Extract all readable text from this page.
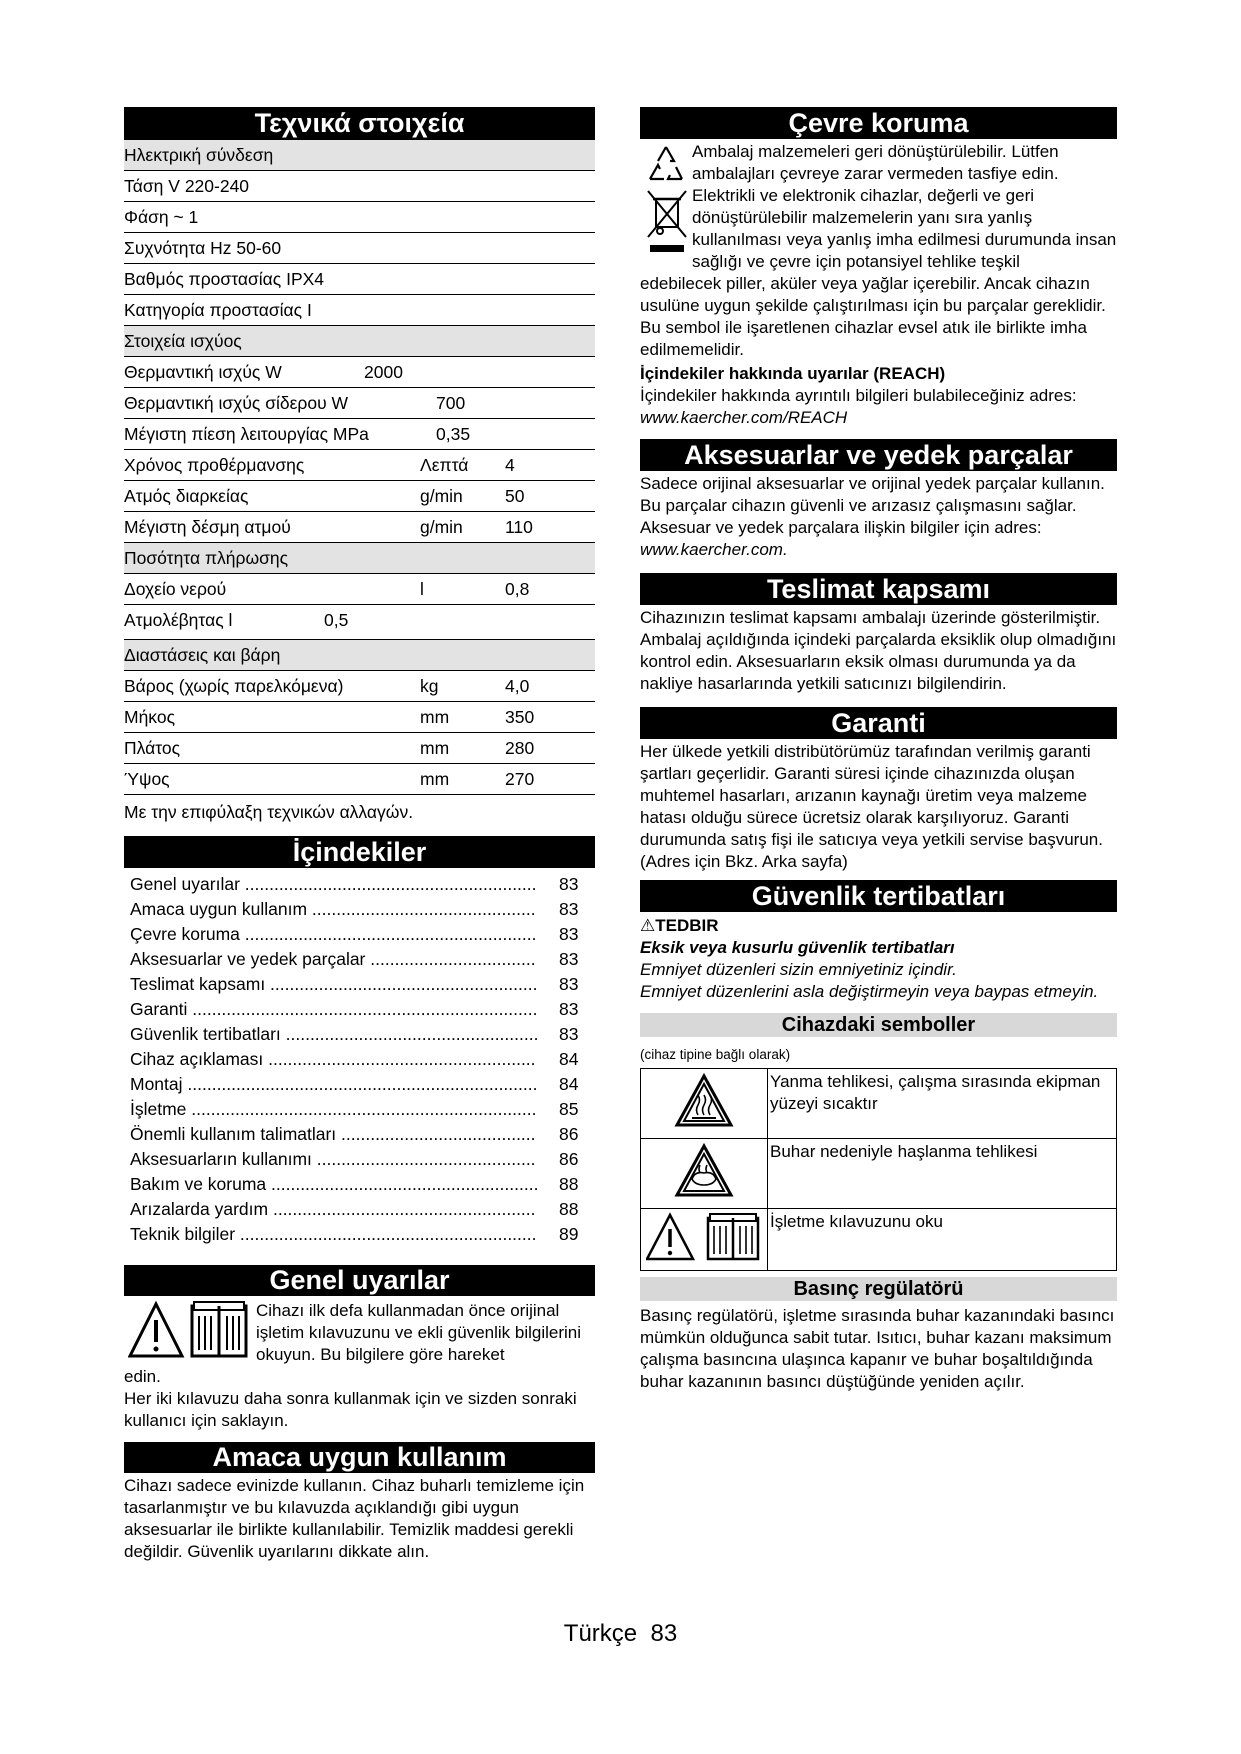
Τεχνικά στοιχεία
Ηλεκτρική σύνδεση
Τάση V 220-240
Φάση ~ 1
Συχνότητα Hz 50-60
Βαθμός προστασίας IPX4
Κατηγορία προστασίας I
Στοιχεία ισχύος
Θερμαντική ισχύς W	2000
Θερμαντική ισχύς σίδερου W	700
Μέγιστη πίεση λειτουργίας MPa	0,35
Χρόνος προθέρμανσης	Λεπτά 4
Ατμός διαρκείας	g/min 50
Μέγιστη δέσμη ατμού	g/min 110
Ποσότητα πλήρωσης
Δοχείο νερού	l	0,8
Ατμολέβητας l	0,5
Διαστάσεις και βάρη
Βάρος (χωρίς παρελκόμενα)	kg	4,0
Μήκος	mm	350
Πλάτος	mm	280
Ύψος	mm	270
Με την επιφύλαξη τεχνικών αλλαγών.
İçindekiler
Genel uyarılar .....	83
Amaca uygun kullanım .....	83
Çevre koruma .....	83
Aksesuarlar ve yedek parçalar .....	83
Teslimat kapsamı .....	83
Garanti .....	83
Güvenlik tertibatları .....	83
Cihaz açıklaması .....	84
Montaj .....	84
İşletme .....	85
Önemli kullanım talimatları .....	86
Aksesuarların kullanımı .....	86
Bakım ve koruma .....	88
Arızalarda yardım .....	88
Teknik bilgiler .....	89
Genel uyarılar
Cihazı ilk defa kullanmadan önce orijinal işletim kılavuzunu ve ekli güvenlik bilgilerini okuyun. Bu bilgilere göre hareket
edin.
Her iki kılavuzu daha sonra kullanmak için ve sizden sonraki kullanıcı için saklayın.
Amaca uygun kullanım
Cihazı sadece evinizde kullanın. Cihaz buharlı temizleme için tasarlanmıştır ve bu kılavuzda açıklandığı gibi uygun aksesuarlar ile birlikte kullanılabilir. Temizlik maddesi gerekli değildir. Güvenlik uyarılarını dikkate alın.
Çevre koruma
Ambalaj malzemeleri geri dönüştürülebilir. Lütfen ambalajları çevreye zarar vermeden tasfiye edin.
Elektrikli ve elektronik cihazlar, değerli ve geri dönüştürülebilir malzemelerin yanı sıra yanlış kullanılması veya yanlış imha edilmesi durumunda insan sağlığı ve çevre için potansiyel tehlike teşkil
edebilecek piller, aküler veya yağlar içerebilir. Ancak cihazın usulüne uygun şekilde çalıştırılması için bu parçalar gereklidir. Bu sembol ile işaretlenen cihazlar evsel atık ile birlikte imha edilmemelidir.
İçindekiler hakkında uyarılar (REACH)
İçindekiler hakkında ayrıntılı bilgileri bulabileceğiniz adres: www.kaercher.com/REACH
Aksesuarlar ve yedek parçalar
Sadece orijinal aksesuarlar ve orijinal yedek parçalar kullanın. Bu parçalar cihazın güvenli ve arızasız çalışmasını sağlar.
Aksesuar ve yedek parçalara ilişkin bilgiler için adres:
www.kaercher.com.
Teslimat kapsamı
Cihazınızın teslimat kapsamı ambalajı üzerinde gösterilmiştir. Ambalaj açıldığında içindeki parçalarda eksiklik olup olmadığını kontrol edin. Aksesuarların eksik olması durumunda ya da nakliye hasarlarında yetkili satıcınızı bilgilendirin.
Garanti
Her ülkede yetkili distribütörümüz tarafından verilmiş garanti şartları geçerlidir. Garanti süresi içinde cihazınızda oluşan muhtemel hasarları, arızanın kaynağı üretim veya malzeme hatası olduğu sürece ücretsiz olarak karşılıyoruz. Garanti durumunda satış fişi ile satıcıya veya yetkili servise başvurun.
(Adres için Bkz. Arka sayfa)
Güvenlik tertibatları
⚠TEDBIR
Eksik veya kusurlu güvenlik tertibatları
Emniyet düzenleri sizin emniyetiniz içindir.
Emniyet düzenlerini asla değiştirmeyin veya baypas etmeyin.
Cihazdaki semboller
(cihaz tipine bağlı olarak)
	Yanma tehlikesi, çalışma sırasında ekipman yüzeyi sıcaktır
	Buhar nedeniyle haşlanma tehlikesi
	İşletme kılavuzunu oku
Basınç regülatörü
Basınç regülatörü, işletme sırasında buhar kazanındaki basıncı mümkün olduğunca sabit tutar. Isıtıcı, buhar kazanı maksimum çalışma basıncına ulaşınca kapanır ve buhar boşaltıldığında buhar kazanının basıncı düştüğünde yeniden açılır.
Türkçe  83
